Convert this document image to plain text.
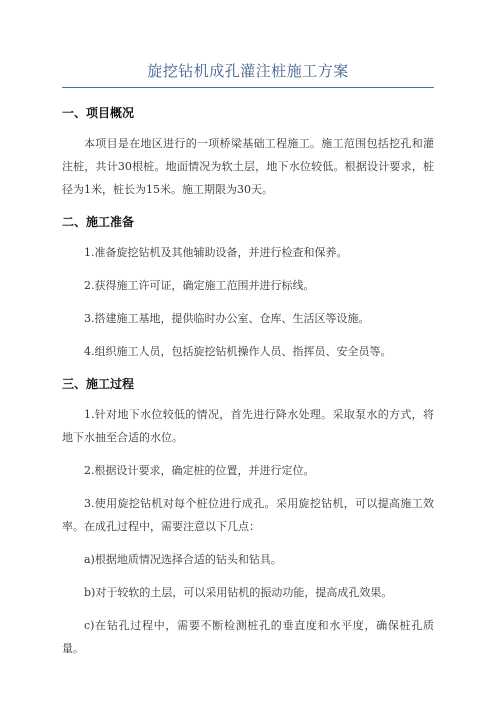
旋挖钻机成孔灌注桩施工方案
一、项目概况

本项目是在地区进行的一项桥梁基础工程施工。施工范围包括挖孔和灌注桩，共计30根桩。地面情况为软土层，地下水位较低。根据设计要求，桩径为1米，桩长为15米。施工期限为30天。

二、施工准备

1.准备旋挖钻机及其他辅助设备，并进行检查和保养。

2.获得施工许可证，确定施工范围并进行标线。

3.搭建施工基地，提供临时办公室、仓库、生活区等设施。

4.组织施工人员，包括旋挖钻机操作人员、指挥员、安全员等。

三、施工过程

1.针对地下水位较低的情况，首先进行降水处理。采取泵水的方式，将地下水抽至合适的水位。

2.根据设计要求，确定桩的位置，并进行定位。

3.使用旋挖钻机对每个桩位进行成孔。采用旋挖钻机，可以提高施工效率。在成孔过程中，需要注意以下几点：

a)根据地质情况选择合适的钻头和钻具。

b)对于较软的土层，可以采用钻机的振动功能，提高成孔效果。

c)在钻孔过程中，需要不断检测桩孔的垂直度和水平度，确保桩孔质量。
